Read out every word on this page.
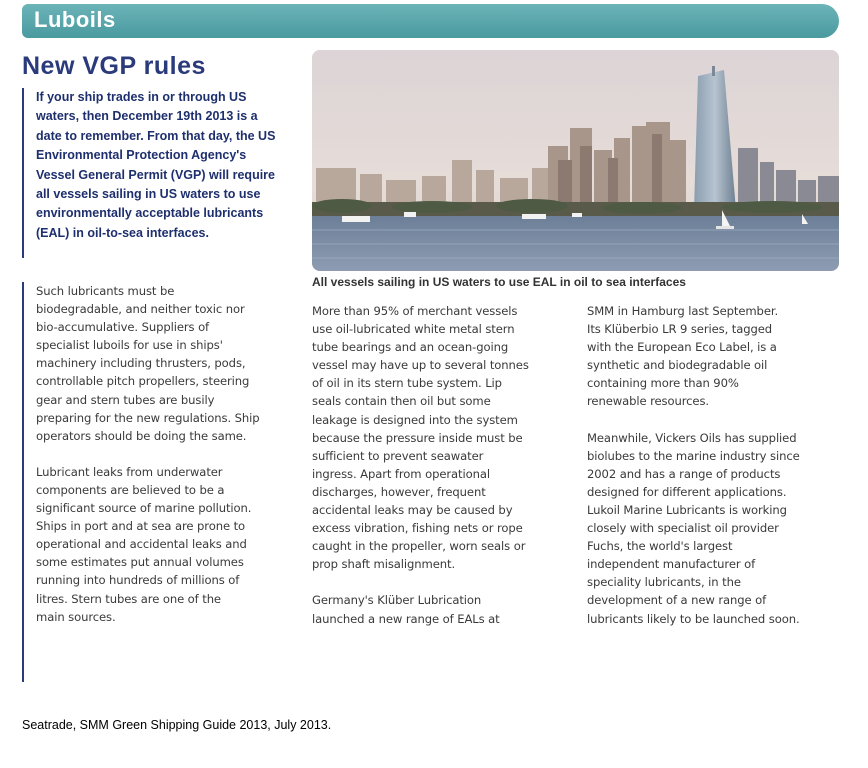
Luboils
New VGP rules
If your ship trades in or through US
waters, then December 19th 2013 is a
date to remember. From that day, the US
Environmental Protection Agency's
Vessel General Permit (VGP) will require
all vessels sailing in US waters to use
environmentally acceptable lubricants
(EAL) in oil-to-sea interfaces.
All vessels sailing in US waters to use EAL in oil to sea interfaces

Such lubricants must be
biodegradable, and neither toxic nor
bio-accumulative. Suppliers of
specialist luboils for use in ships'
machinery including thrusters, pods,
controllable pitch propellers, steering
gear and stern tubes are busily
preparing for the new regulations. Ship
operators should be doing the same.

Lubricant leaks from underwater
components are believed to be a
significant source of marine pollution.
Ships in port and at sea are prone to
operational and accidental leaks and
some estimates put annual volumes
running into hundreds of millions of
litres. Stern tubes are one of the
main sources.

More than 95% of merchant vessels
use oil-lubricated white metal stern
tube bearings and an ocean-going
vessel may have up to several tonnes
of oil in its stern tube system. Lip
seals contain then oil but some
leakage is designed into the system
because the pressure inside must be
sufficient to prevent seawater
ingress. Apart from operational
discharges, however, frequent
accidental leaks may be caused by
excess vibration, fishing nets or rope
caught in the propeller, worn seals or
prop shaft misalignment.

Germany's Klüber Lubrication
launched a new range of EALs at

SMM in Hamburg last September.
Its Klüberbio LR 9 series, tagged
with the European Eco Label, is a
synthetic and biodegradable oil
containing more than 90%
renewable resources.

Meanwhile, Vickers Oils has supplied
biolubes to the marine industry since
2002 and has a range of products
designed for different applications.
Lukoil Marine Lubricants is working
closely with specialist oil provider
Fuchs, the world's largest
independent manufacturer of
speciality lubricants, in the
development of a new range of
lubricants likely to be launched soon.

Seatrade, SMM Green Shipping Guide 2013, July 2013.
